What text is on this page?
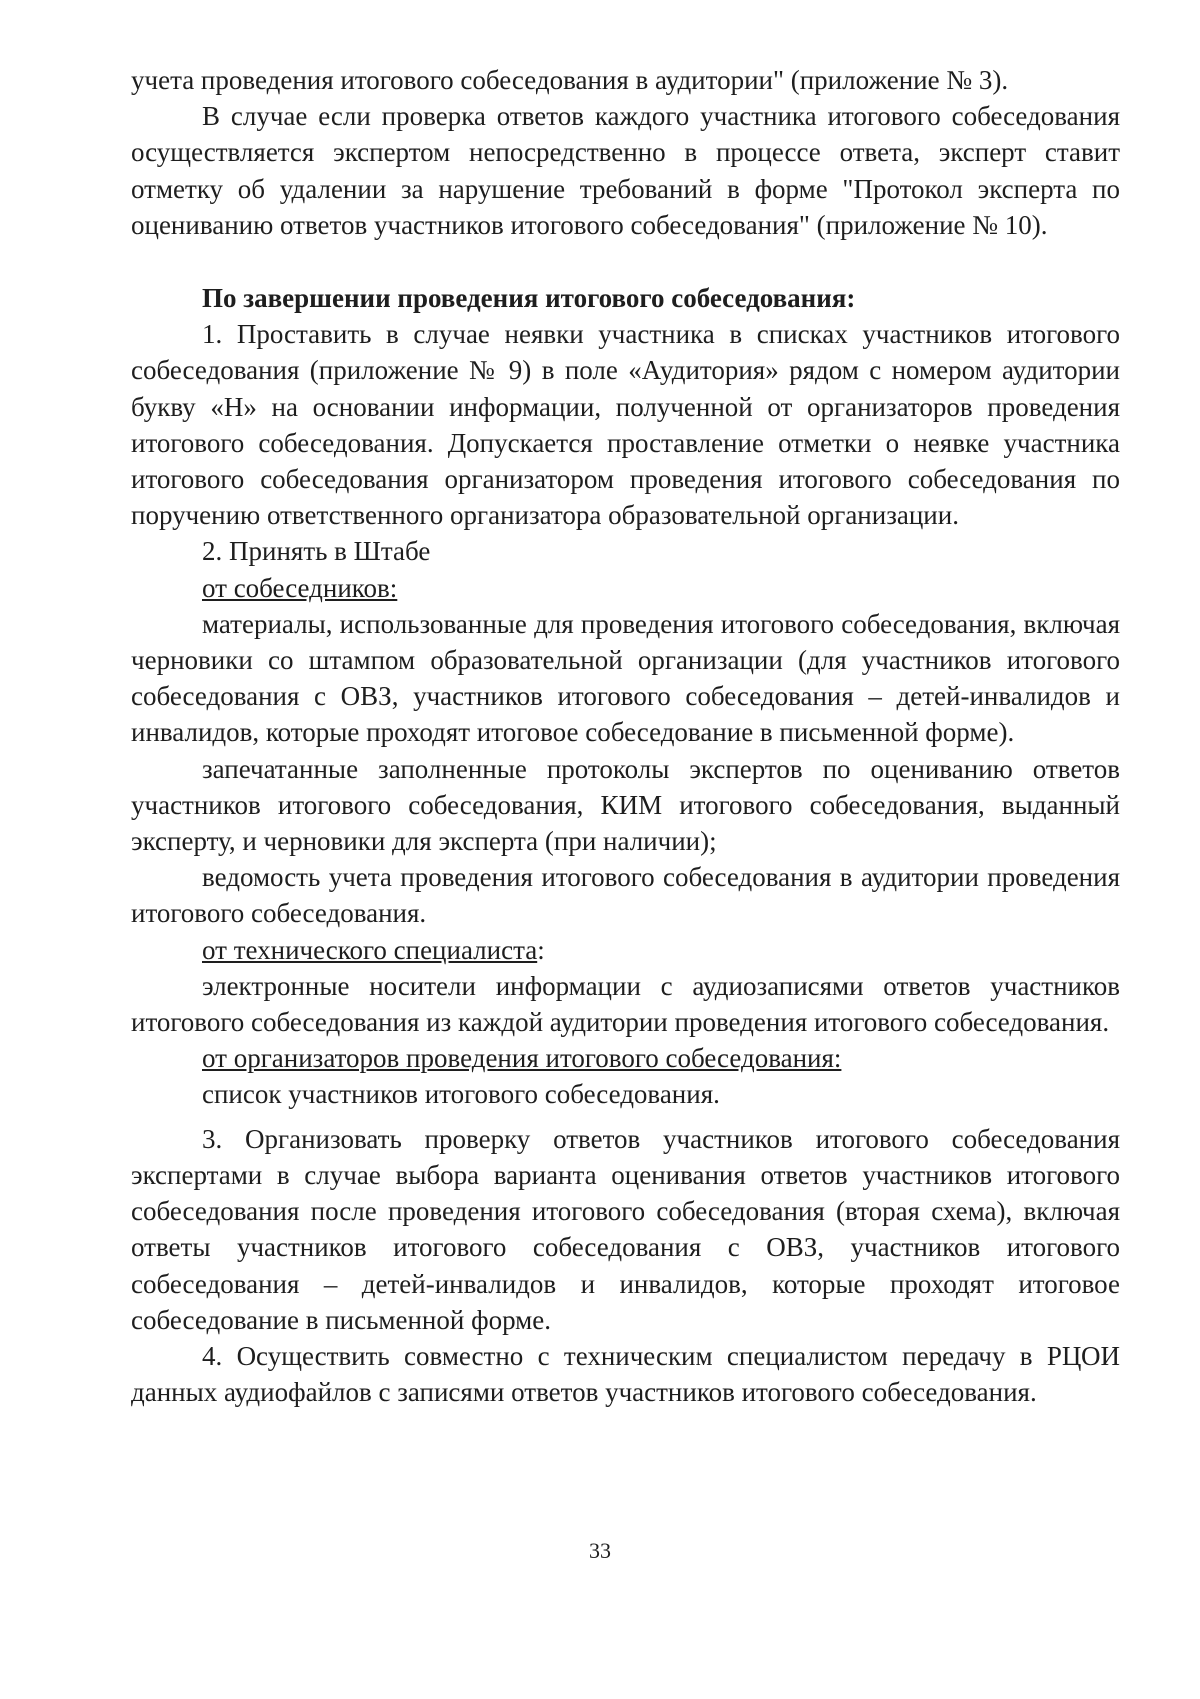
учета проведения итогового собеседования в аудитории" (приложение № 3).

В случае если проверка ответов каждого участника итогового собеседования осуществляется экспертом непосредственно в процессе ответа, эксперт ставит отметку об удалении за нарушение требований в форме "Протокол эксперта по оцениванию ответов участников итогового собеседования" (приложение № 10).

По завершении проведения итогового собеседования:

1. Проставить в случае неявки участника в списках участников итогового собеседования (приложение № 9) в поле «Аудитория» рядом с номером аудитории букву «Н» на основании информации, полученной от организаторов проведения итогового собеседования. Допускается проставление отметки о неявке участника итогового собеседования организатором проведения итогового собеседования по поручению ответственного организатора образовательной организации.

2. Принять в Штабе

от собеседников:

материалы, использованные для проведения итогового собеседования, включая черновики со штампом образовательной организации (для участников итогового собеседования с ОВЗ, участников итогового собеседования – детей-инвалидов и инвалидов, которые проходят итоговое собеседование в письменной форме).

запечатанные заполненные протоколы экспертов по оцениванию ответов участников итогового собеседования, КИМ итогового собеседования, выданный эксперту, и черновики для эксперта (при наличии);

ведомость учета проведения итогового собеседования в аудитории проведения итогового собеседования.

от технического специалиста:

электронные носители информации с аудиозаписями ответов участников итогового собеседования из каждой аудитории проведения итогового собеседования.

от организаторов проведения итогового собеседования:

список участников итогового собеседования.

3. Организовать проверку ответов участников итогового собеседования экспертами в случае выбора варианта оценивания ответов участников итогового собеседования после проведения итогового собеседования (вторая схема), включая ответы участников итогового собеседования с ОВЗ, участников итогового собеседования – детей-инвалидов и инвалидов, которые проходят итоговое собеседование в письменной форме.

4. Осуществить совместно с техническим специалистом передачу в РЦОИ данных аудиофайлов с записями ответов участников итогового собеседования.

33
